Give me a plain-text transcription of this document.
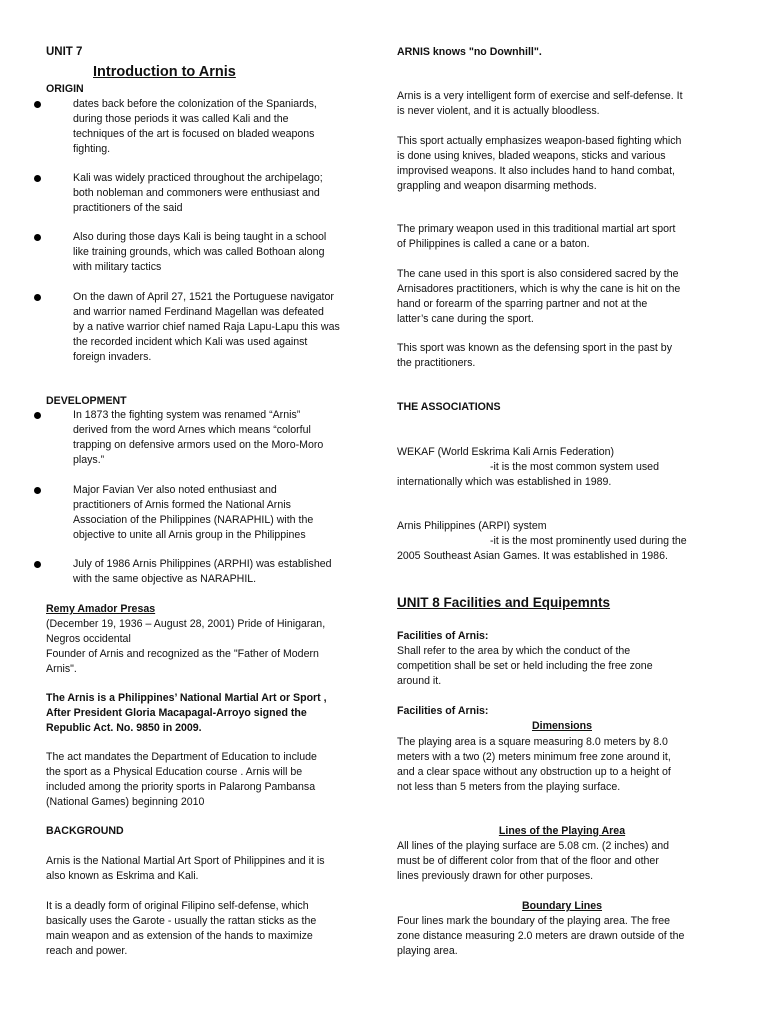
UNIT 7
Introduction to Arnis
ORIGIN
dates back before the colonization of the Spaniards,
during those periods it was called Kali and the
techniques of the art is focused on bladed weapons
fighting.
Kali was widely practiced throughout the archipelago;
both nobleman and commoners were enthusiast and
practitioners of the said
Also during those days Kali is being taught in a school
like training grounds, which was called Bothoan along
with military tactics
On the dawn of April 27, 1521 the Portuguese navigator
and warrior named Ferdinand Magellan was defeated
by a native warrior chief named Raja Lapu-Lapu this was
the recorded incident which Kali was used against
foreign invaders.
DEVELOPMENT
In 1873 the fighting system was renamed “Arnis”
derived from the word Arnes which means “colorful
trapping on defensive armors used on the Moro-Moro
plays.”
Major Favian Ver also noted enthusiast and
practitioners of Arnis formed the National Arnis
Association of the Philippines (NARAPHIL) with the
objective to unite all Arnis group in the Philippines
July of 1986 Arnis Philippines (ARPHI) was established
with the same objective as NARAPHIL.
Remy Amador Presas
(December 19, 1936 – August 28, 2001) Pride of Hinigaran,
Negros occidental
Founder of Arnis and recognized as the "Father of Modern
Arnis".
The Arnis is a Philippines’ National Martial Art or Sport ,
After President Gloria Macapagal-Arroyo signed the
Republic Act. No. 9850 in 2009.
The act mandates the Department of Education to include
the sport as a Physical Education course . Arnis will be
included among the priority sports in Palarong Pambansa
(National Games) beginning 2010
BACKGROUND
Arnis is the National Martial Art Sport of Philippines and it is
also known as Eskrima and Kali.
It is a deadly form of original Filipino self-defense, which
basically uses the Garote - usually the rattan sticks as the
main weapon and as extension of the hands to maximize
reach and power.
ARNIS knows "no Downhill".
Arnis is a very intelligent form of exercise and self-defense. It
is never violent, and it is actually bloodless.
This sport actually emphasizes weapon-based fighting which
is done using knives, bladed weapons, sticks and various
improvised weapons. It also includes hand to hand combat,
grappling and weapon disarming methods.
The primary weapon used in this traditional martial art sport
of Philippines is called a cane or a baton.
The cane used in this sport is also considered sacred by the
Arnisadores practitioners, which is why the cane is hit on the
hand or forearm of the sparring partner and not at the
latter’s cane during the sport.
This sport was known as the defensing sport in the past by
the practitioners.
THE ASSOCIATIONS
WEKAF (World Eskrima Kali Arnis Federation)
-it is the most common system used
internationally which was established in 1989.
Arnis Philippines (ARPI) system
-it is the most prominently used during the
2005 Southeast Asian Games. It was established in 1986.
UNIT 8 Facilities and Equipemnts
Facilities of Arnis:
Shall refer to the area by which the conduct of the
competition shall be set or held including the free zone
around it.
Facilities of Arnis:
Dimensions
The playing area is a square measuring 8.0 meters by 8.0
meters with a two (2) meters minimum free zone around it,
and a clear space without any obstruction up to a height of
not less than 5 meters from the playing surface.
Lines of the Playing Area
All lines of the playing surface are 5.08 cm. (2 inches) and
must be of different color from that of the floor and other
lines previously drawn for other purposes.
Boundary Lines
Four lines mark the boundary of the playing area. The free
zone distance measuring 2.0 meters are drawn outside of the
playing area.
